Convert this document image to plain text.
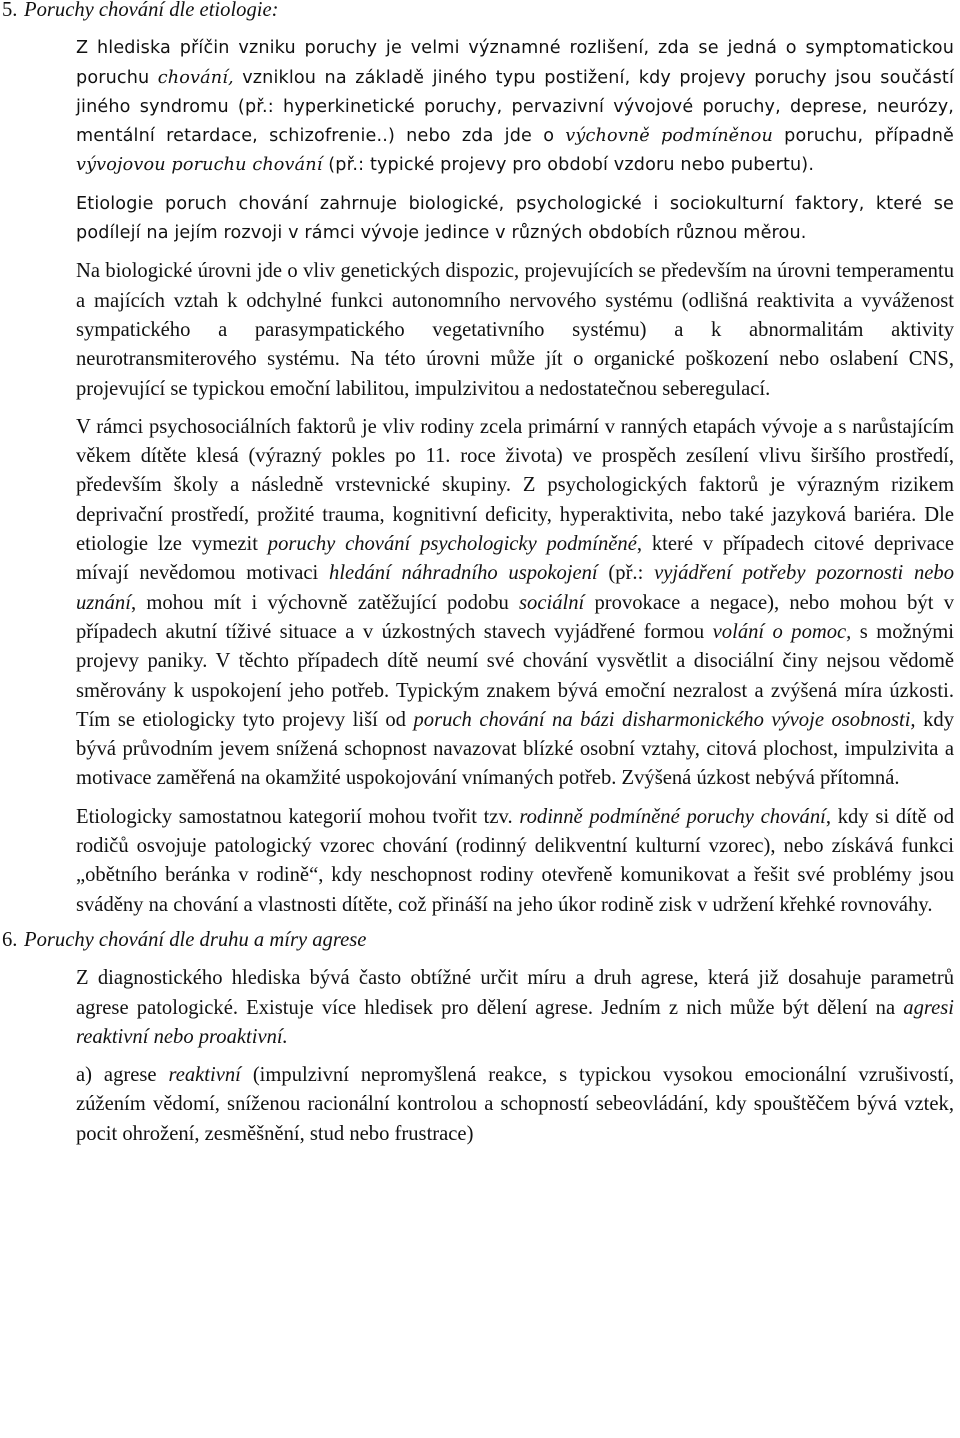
5. Poruchy chování dle etiologie:

Z hlediska příčin vzniku poruchy je velmi významné rozlišení, zda se jedná o symptomatickou poruchu chování, vzniklou na základě jiného typu postižení, kdy projevy poruchy jsou součástí jiného syndromu (př.: hyperkinetické poruchy, pervazivní vývojové poruchy, deprese, neurózy, mentální retardace, schizofrenie..) nebo zda jde o výchovně podmíněnou poruchu, případně vývojovou poruchu chování (př.: typické projevy pro období vzdoru nebo pubertu).

Etiologie poruch chování zahrnuje biologické, psychologické i sociokulturní faktory, které se podílejí na jejím rozvoji v rámci vývoje jedince v různých obdobích různou měrou.

Na biologické úrovni jde o vliv genetických dispozic, projevujících se především na úrovni temperamentu a majících vztah k odchylné funkci autonomního nervového systému (odlišná reaktivita a vyváženost sympatického a parasympatického vegetativního systému) a k abnormalitám aktivity neurotransmiterového systému. Na této úrovni může jít o organické poškození nebo oslabení CNS, projevující se typickou emoční labilitou, impulzivitou a nedostatečnou seberegulací.

V rámci psychosociálních faktorů je vliv rodiny zcela primární v ranných etapách vývoje a s narůstajícím věkem dítěte klesá (výrazný pokles po 11. roce života) ve prospěch zesílení vlivu širšího prostředí, především školy a následně vrstevnické skupiny. Z psychologických faktorů je výrazným rizikem deprivační prostředí, prožité trauma, kognitivní deficity, hyperaktivita, nebo také jazyková bariéra. Dle etiologie lze vymezit poruchy chování psychologicky podmíněné, které v případech citové deprivace mívají nevědomou motivaci hledání náhradního uspokojení (př.: vyjádření potřeby pozornosti nebo uznání, mohou mít i výchovně zatěžující podobu sociální provokace a negace), nebo mohou být v případech akutní tíživé situace a v úzkostných stavech vyjádřené formou volání o pomoc, s možnými projevy paniky. V těchto případech dítě neumí své chování vysvětlit a disociální činy nejsou vědomě směrovány k uspokojení jeho potřeb. Typickým znakem bývá emoční nezralost a zvýšená míra úzkosti. Tím se etiologicky tyto projevy liší od poruch chování na bázi disharmonického vývoje osobnosti, kdy bývá průvodním jevem snížená schopnost navazovat blízké osobní vztahy, citová plochost, impulzivita a motivace zaměřená na okamžité uspokojování vnímaných potřeb. Zvýšená úzkost nebývá přítomná.

Etiologicky samostatnou kategorií mohou tvořit tzv. rodinně podmíněné poruchy chování, kdy si dítě od rodičů osvojuje patologický vzorec chování (rodinný delikventní kulturní vzorec), nebo získává funkci „obětního beránka v rodině“, kdy neschopnost rodiny otevřeně komunikovat a řešit své problémy jsou sváděny na chování a vlastnosti dítěte, což přináší na jeho úkor rodině zisk v udržení křehké rovnováhy.

6. Poruchy chování dle druhu a míry agrese

Z diagnostického hlediska bývá často obtížné určit míru a druh agrese, která již dosahuje parametrů agrese patologické. Existuje více hledisek pro dělení agrese. Jedním z nich může být dělení na agresi reaktivní nebo proaktivní.

a) agrese reaktivní (impulzivní nepromyšlená reakce, s typickou vysokou emocionální vzrušivostí, zúžením vědomí, sníženou racionální kontrolou a schopností sebeovládání, kdy spouštěčem bývá vztek, pocit ohrožení, zesměšnění, stud nebo frustrace)
